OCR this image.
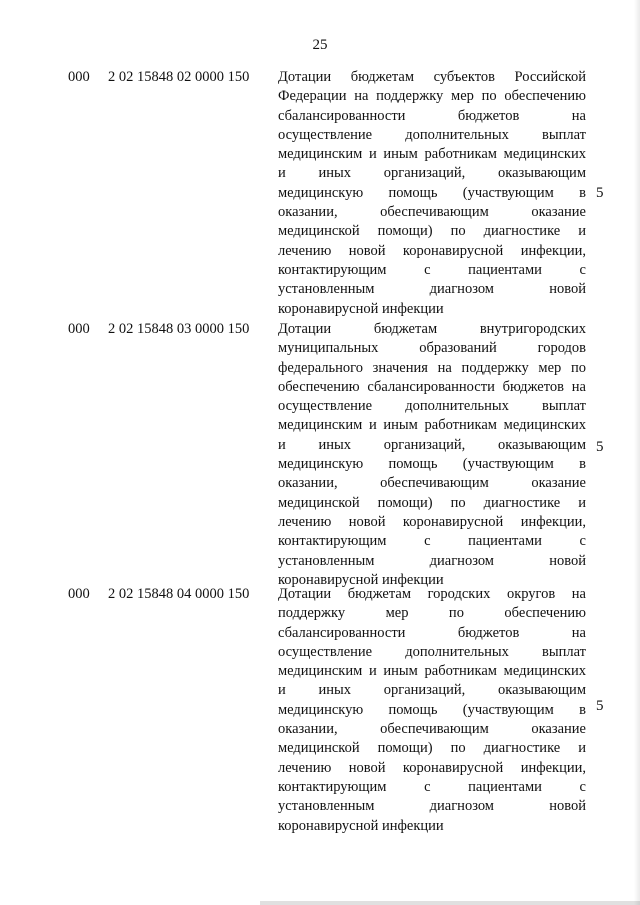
25
000 2 02 15848 02 0000 150 Дотации бюджетам субъектов Российской
Федерации на поддержку мер по обеспечению
сбалансированности бюджетов на
осуществление дополнительных выплат
медицинским и иным работникам медицинских
и иных организаций, оказывающим
медицинскую помощь (участвующим в
оказании, обеспечивающим оказание
медицинской помощи) по диагностике и
лечению новой коронавирусной инфекции,
контактирующим с пациентами с
установленным диагнозом новой
коронавирусной инфекции
5
000 2 02 15848 03 0000 150 Дотации бюджетам внутригородских
муниципальных образований городов
федерального значения на поддержку мер по
обеспечению сбалансированности бюджетов на
осуществление дополнительных выплат
медицинским и иным работникам медицинских
и иных организаций, оказывающим
медицинскую помощь (участвующим в
оказании, обеспечивающим оказание
медицинской помощи) по диагностике и
лечению новой коронавирусной инфекции,
контактирующим с пациентами с
установленным диагнозом новой
коронавирусной инфекции
5
000 2 02 15848 04 0000 150 Дотации бюджетам городских округов на
поддержку мер по обеспечению
сбалансированности бюджетов на
осуществление дополнительных выплат
медицинским и иным работникам медицинских
и иных организаций, оказывающим
медицинскую помощь (участвующим в
оказании, обеспечивающим оказание
медицинской помощи) по диагностике и
лечению новой коронавирусной инфекции,
контактирующим с пациентами с
установленным диагнозом новой
коронавирусной инфекции
5
